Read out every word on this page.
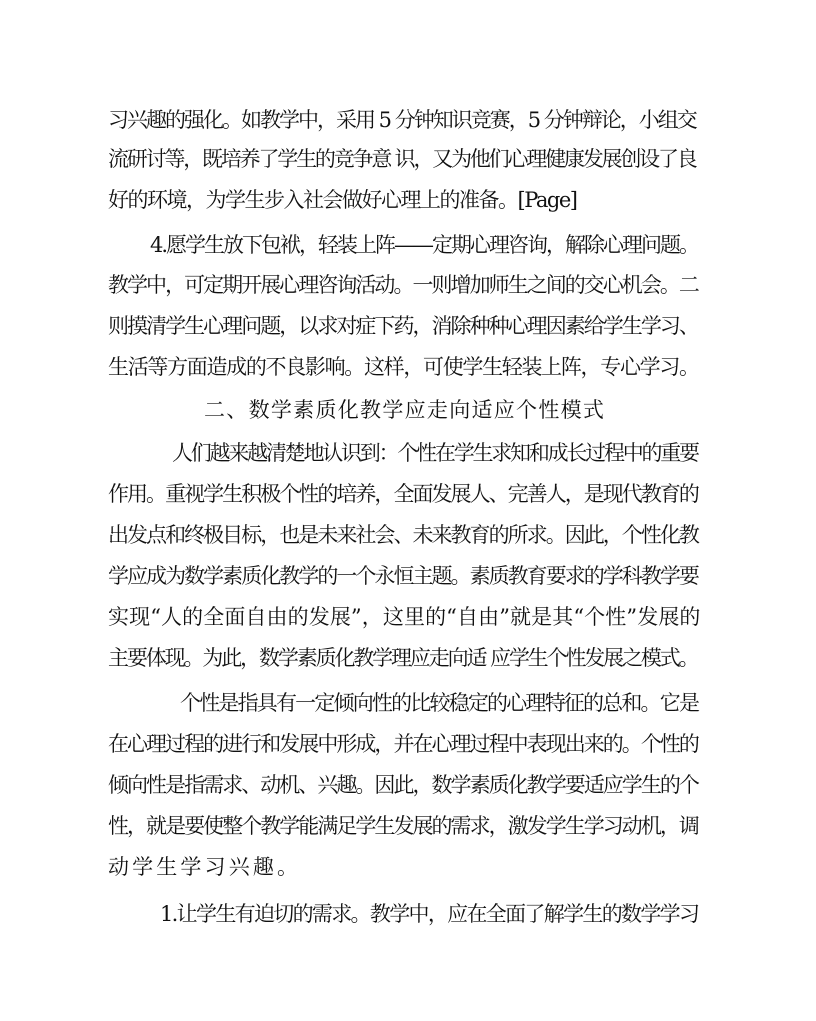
习兴趣的强化。如教学中，采用 5 分钟知识竞赛，5 分钟辩论，小组交
流研讨等，既培养了学生的竞争意 识，又为他们心理健康发展创设了良
好的环境，为学生步入社会做好心理上的准备。[Page]
4.愿学生放下包袱，轻装上阵——定期心理咨询，解除心理问题。
教学中，可定期开展心理咨询活动。一则增加师生之间的交心机会。二
则摸清学生心理问题，以求对症下药，消除种种心理因素给学生学习、
生活等方面造成的不良影响。这样，可使学生轻装上阵，专心学习。
二、数学素质化教学应走向适应个性模式
人们越来越清楚地认识到：个性在学生求知和成长过程中的重要
作用。重视学生积极个性的培养，全面发展人、完善人，是现代教育的
出发点和终极目标，也是未来社会、未来教育的所求。因此，个性化教
学应成为数学素质化教学的一个永恒主题。素质教育要求的学科教学要
实现“人的全面自由的发展”，这里的“自由”就是其“个性”发展的
主要体现。为此，数学素质化教学理应走向适 应学生个性发展之模式。
个性是指具有一定倾向性的比较稳定的心理特征的总和。它是
在心理过程的进行和发展中形成，并在心理过程中表现出来的。个性的
倾向性是指需求、动机、兴趣。因此，数学素质化教学要适应学生的个
性，就是要使整个教学能满足学生发展的需求，激发学生学习动机，调
动学生学习兴趣。
1.让学生有迫切的需求。教学中，应在全面了解学生的数学学习
